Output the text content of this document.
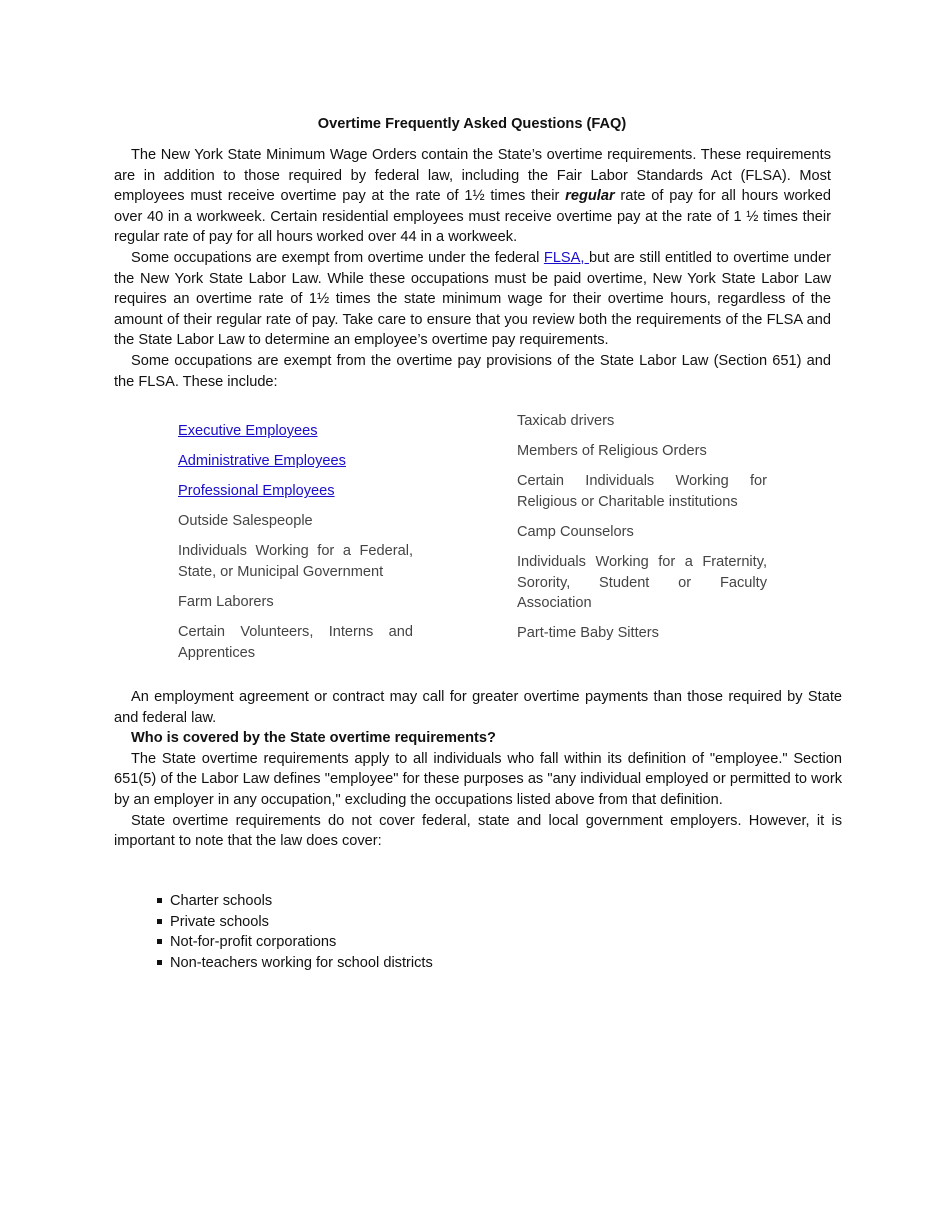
Overtime Frequently Asked Questions (FAQ)

The New York State Minimum Wage Orders contain the State’s overtime requirements. These requirements are in addition to those required by federal law, including the Fair Labor Standards Act (FLSA). Most employees must receive overtime pay at the rate of 1½ times their regular rate of pay for all hours worked over 40 in a workweek. Certain residential employees must receive overtime pay at the rate of 1 ½ times their regular rate of pay for all hours worked over 44 in a workweek.

Some occupations are exempt from overtime under the federal FLSA, but are still entitled to overtime under the New York State Labor Law. While these occupations must be paid overtime, New York State Labor Law requires an overtime rate of 1½ times the state minimum wage for their overtime hours, regardless of the amount of their regular rate of pay. Take care to ensure that you review both the requirements of the FLSA and the State Labor Law to determine an employee’s overtime pay requirements.

Some occupations are exempt from the overtime pay provisions of the State Labor Law (Section 651) and the FLSA. These include:

Executive Employees
Administrative Employees
Professional Employees
Outside Salespeople
Individuals Working for a Federal, State, or Municipal Government
Farm Laborers
Certain Volunteers, Interns and Apprentices
Taxicab drivers
Members of Religious Orders
Certain Individuals Working for Religious or Charitable institutions
Camp Counselors
Individuals Working for a Fraternity, Sorority, Student or Faculty Association
Part-time Baby Sitters

An employment agreement or contract may call for greater overtime payments than those required by State and federal law.

Who is covered by the State overtime requirements?

The State overtime requirements apply to all individuals who fall within its definition of "employee." Section 651(5) of the Labor Law defines "employee" for these purposes as "any individual employed or permitted to work by an employer in any occupation," excluding the occupations listed above from that definition.

State overtime requirements do not cover federal, state and local government employers. However, it is important to note that the law does cover:

Charter schools
Private schools
Not-for-profit corporations
Non-teachers working for school districts
